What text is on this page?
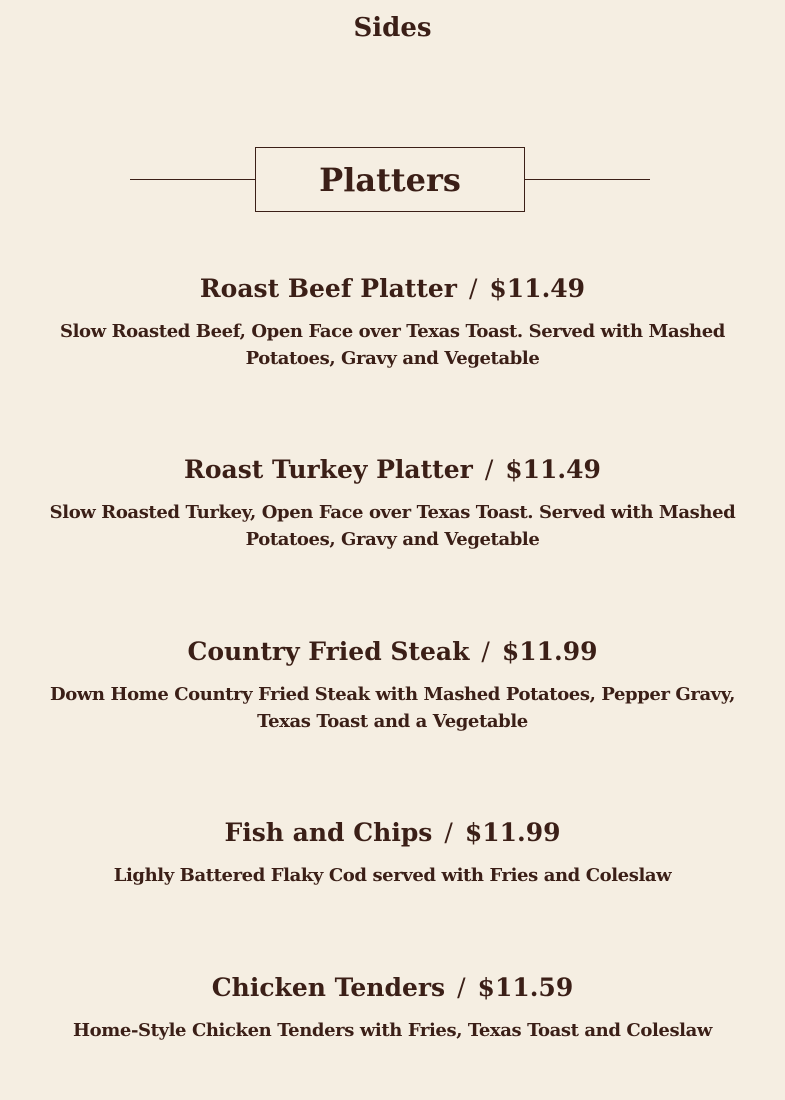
Sides
Platters
Roast Beef Platter / $11.49
Slow Roasted Beef, Open Face over Texas Toast. Served with Mashed Potatoes, Gravy and Vegetable
Roast Turkey Platter / $11.49
Slow Roasted Turkey, Open Face over Texas Toast. Served with Mashed Potatoes, Gravy and Vegetable
Country Fried Steak / $11.99
Down Home Country Fried Steak with Mashed Potatoes, Pepper Gravy, Texas Toast and a Vegetable
Fish and Chips / $11.99
Lighly Battered Flaky Cod served with Fries and Coleslaw
Chicken Tenders / $11.59
Home-Style Chicken Tenders with Fries, Texas Toast and Coleslaw
